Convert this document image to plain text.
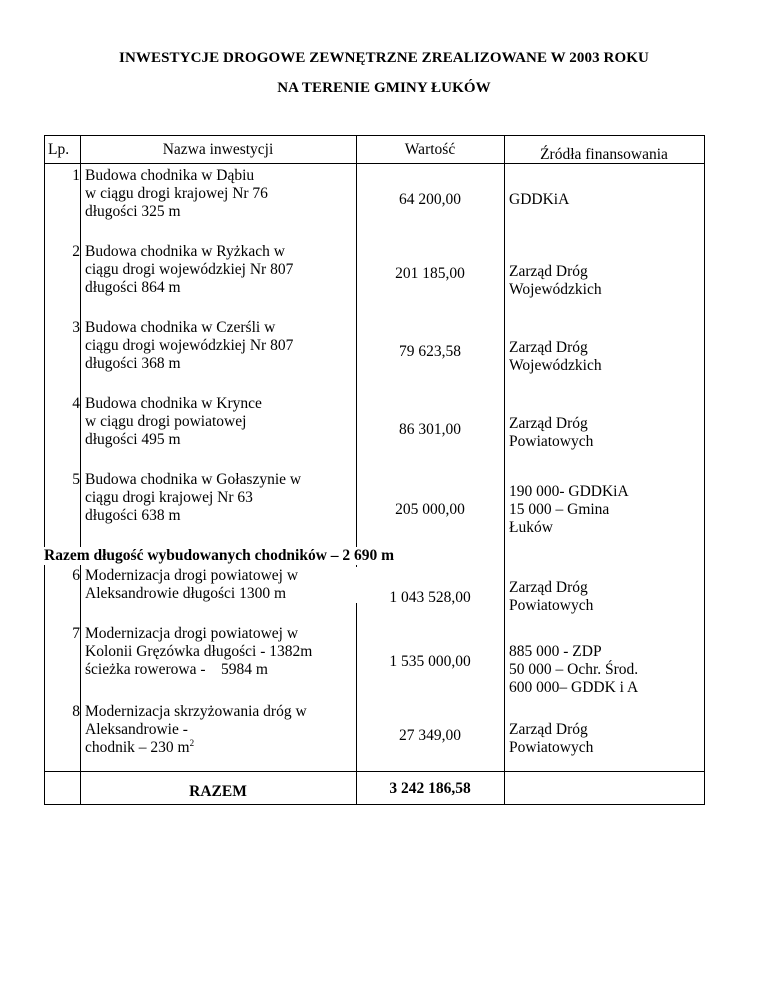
INWESTYCJE DROGOWE ZEWNĘTRZNE ZREALIZOWANE W 2003 ROKU
NA TERENIE GMINY ŁUKÓW
Lp.	Nazwa inwestycji	Wartość	Źródła finansowania
1 Budowa chodnika w Dąbiu
w ciągu drogi krajowej Nr 76
długości 325 m
64 200,00	GDDKiA
2 Budowa chodnika w Ryżkach w
ciągu drogi wojewódzkiej Nr 807
długości 864 m
201 185,00	Zarząd Dróg
Wojewódzkich
3 Budowa chodnika w Czerśli w
ciągu drogi wojewódzkiej Nr 807
długości 368 m
79 623,58	Zarząd Dróg
Wojewódzkich
4 Budowa chodnika w Krynce
w ciągu drogi powiatowej
długości 495 m
86 301,00	Zarząd Dróg
Powiatowych
5 Budowa chodnika w Gołaszynie w
ciągu drogi krajowej Nr 63
długości 638 m	205 000,00
190 000- GDDKiA
15 000 – Gmina
Łuków
Razem długość wybudowanych chodników – 2 690 m
6 Modernizacja drogi powiatowej w
Aleksandrowie długości 1300 m	1 043 528,00
Zarząd Dróg
Powiatowych
7 Modernizacja drogi powiatowej w
Kolonii Gręzówka długości - 1382m
ścieżka rowerowa -    5984 m	1 535 000,00
885 000 - ZDP
50 000 – Ochr. Środ.
600 000– GDDK i A
8 Modernizacja skrzyżowania dróg w
Aleksandrowie -
chodnik – 230 $m^2$	27 349,00	Zarząd Dróg
Powiatowych
RAZEM	3 242 186,58
